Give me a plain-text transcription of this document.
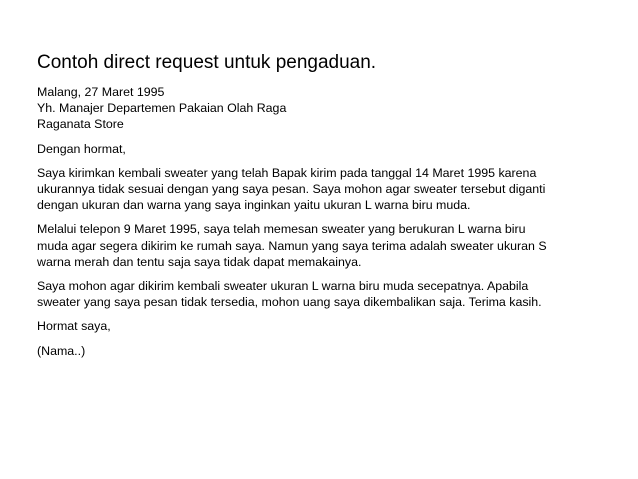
Contoh direct request untuk pengaduan.
Malang, 27 Maret 1995
Yh. Manajer Departemen Pakaian Olah Raga
Raganata Store
Dengan hormat,
Saya kirimkan kembali sweater yang telah Bapak kirim pada tanggal 14 Maret 1995 karena
ukurannya tidak sesuai dengan yang saya pesan. Saya mohon agar sweater tersebut diganti
dengan ukuran dan warna yang saya inginkan yaitu ukuran L warna biru muda.
Melalui telepon 9 Maret 1995, saya telah memesan sweater yang berukuran L warna biru
muda agar segera dikirim ke rumah saya. Namun yang saya terima adalah sweater ukuran S
warna merah dan tentu saja saya tidak dapat memakainya.
Saya mohon agar dikirim kembali sweater ukuran L warna biru muda secepatnya. Apabila
sweater yang saya pesan tidak tersedia, mohon uang saya dikembalikan saja. Terima kasih.
Hormat saya,
(Nama..)
